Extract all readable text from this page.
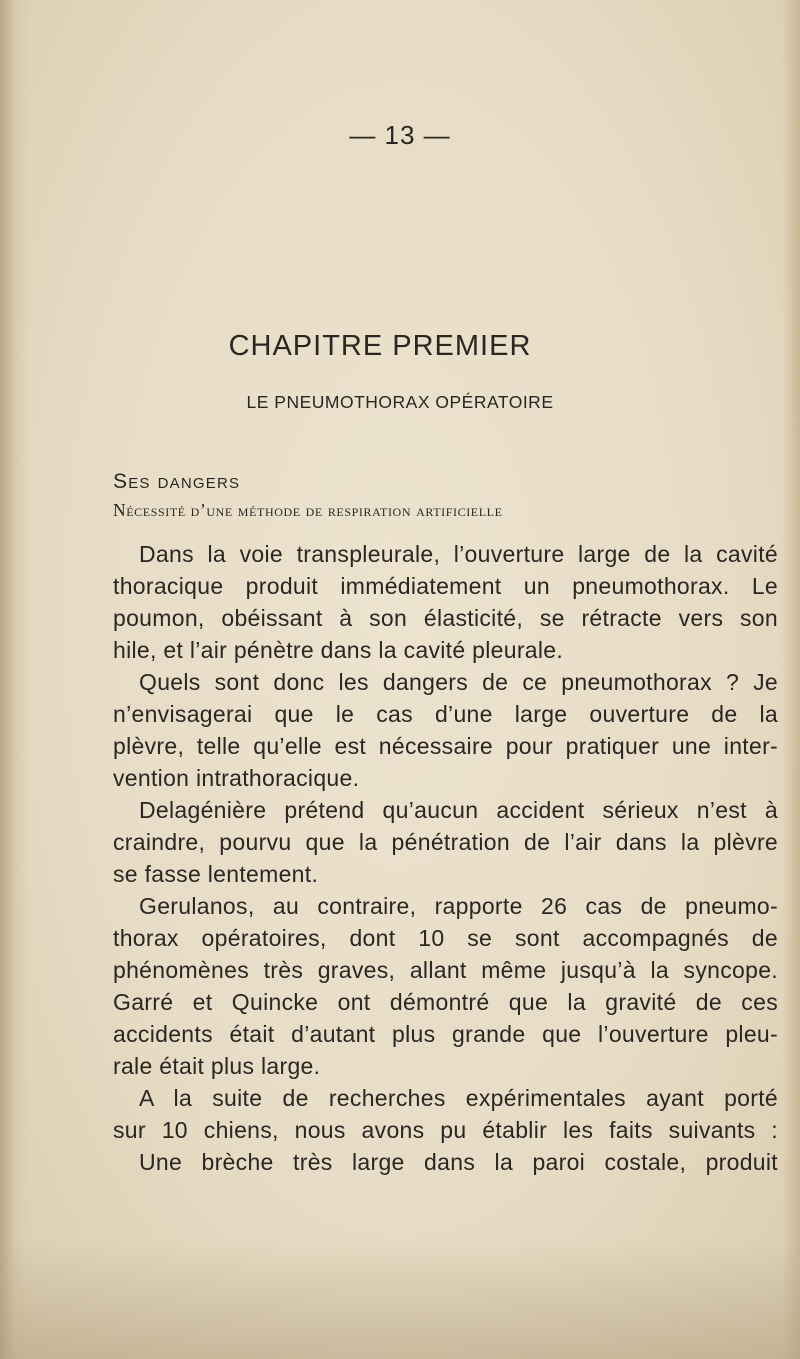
— 13 —
CHAPITRE PREMIER
LE PNEUMOTHORAX OPÉRATOIRE
Ses dangers
Nécessité d’une méthode de respiration artificielle
Dans la voie transpleurale, l’ouverture large de la cavité
thoracique produit immédiatement un pneumothorax. Le
poumon, obéissant à son élasticité, se rétracte vers son
hile, et l’air pénètre dans la cavité pleurale.
Quels sont donc les dangers de ce pneumothorax ? Je
n’envisagerai que le cas d’une large ouverture de la
plèvre, telle qu’elle est nécessaire pour pratiquer une inter-
vention intrathoracique.
Delagénière prétend qu’aucun accident sérieux n’est à
craindre, pourvu que la pénétration de l’air dans la plèvre
se fasse lentement.
Gerulanos, au contraire, rapporte 26 cas de pneumo-
thorax opératoires, dont 10 se sont accompagnés de
phénomènes très graves, allant même jusqu’à la syncope.
Garré et Quincke ont démontré que la gravité de ces
accidents était d’autant plus grande que l’ouverture pleu-
rale était plus large.
A la suite de recherches expérimentales ayant porté
sur 10 chiens, nous avons pu établir les faits suivants :
Une brèche très large dans la paroi costale, produit
